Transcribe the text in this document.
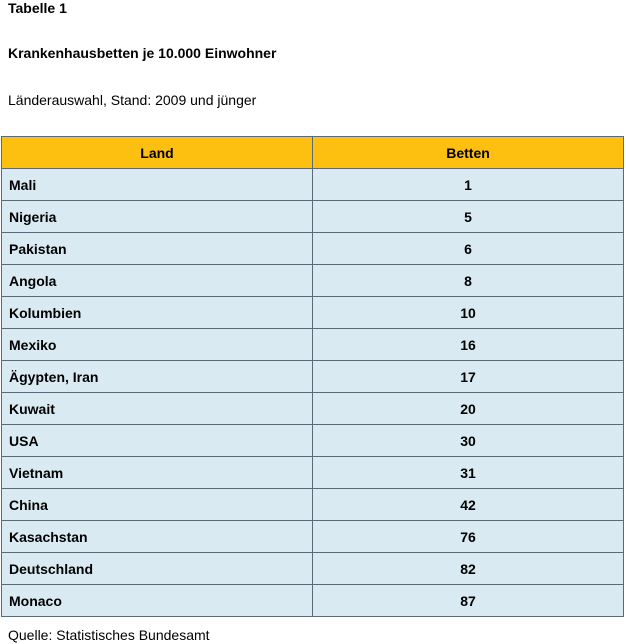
Tabelle 1

Krankenhausbetten je 10.000 Einwohner

Länderauswahl, Stand: 2009 und jünger

Land	Betten
Mali	1
Nigeria	5
Pakistan	6
Angola	8
Kolumbien	10
Mexiko	16
Ägypten, Iran	17
Kuwait	20
USA	30
Vietnam	31
China	42
Kasachstan	76
Deutschland	82
Monaco	87

Quelle: Statistisches Bundesamt
